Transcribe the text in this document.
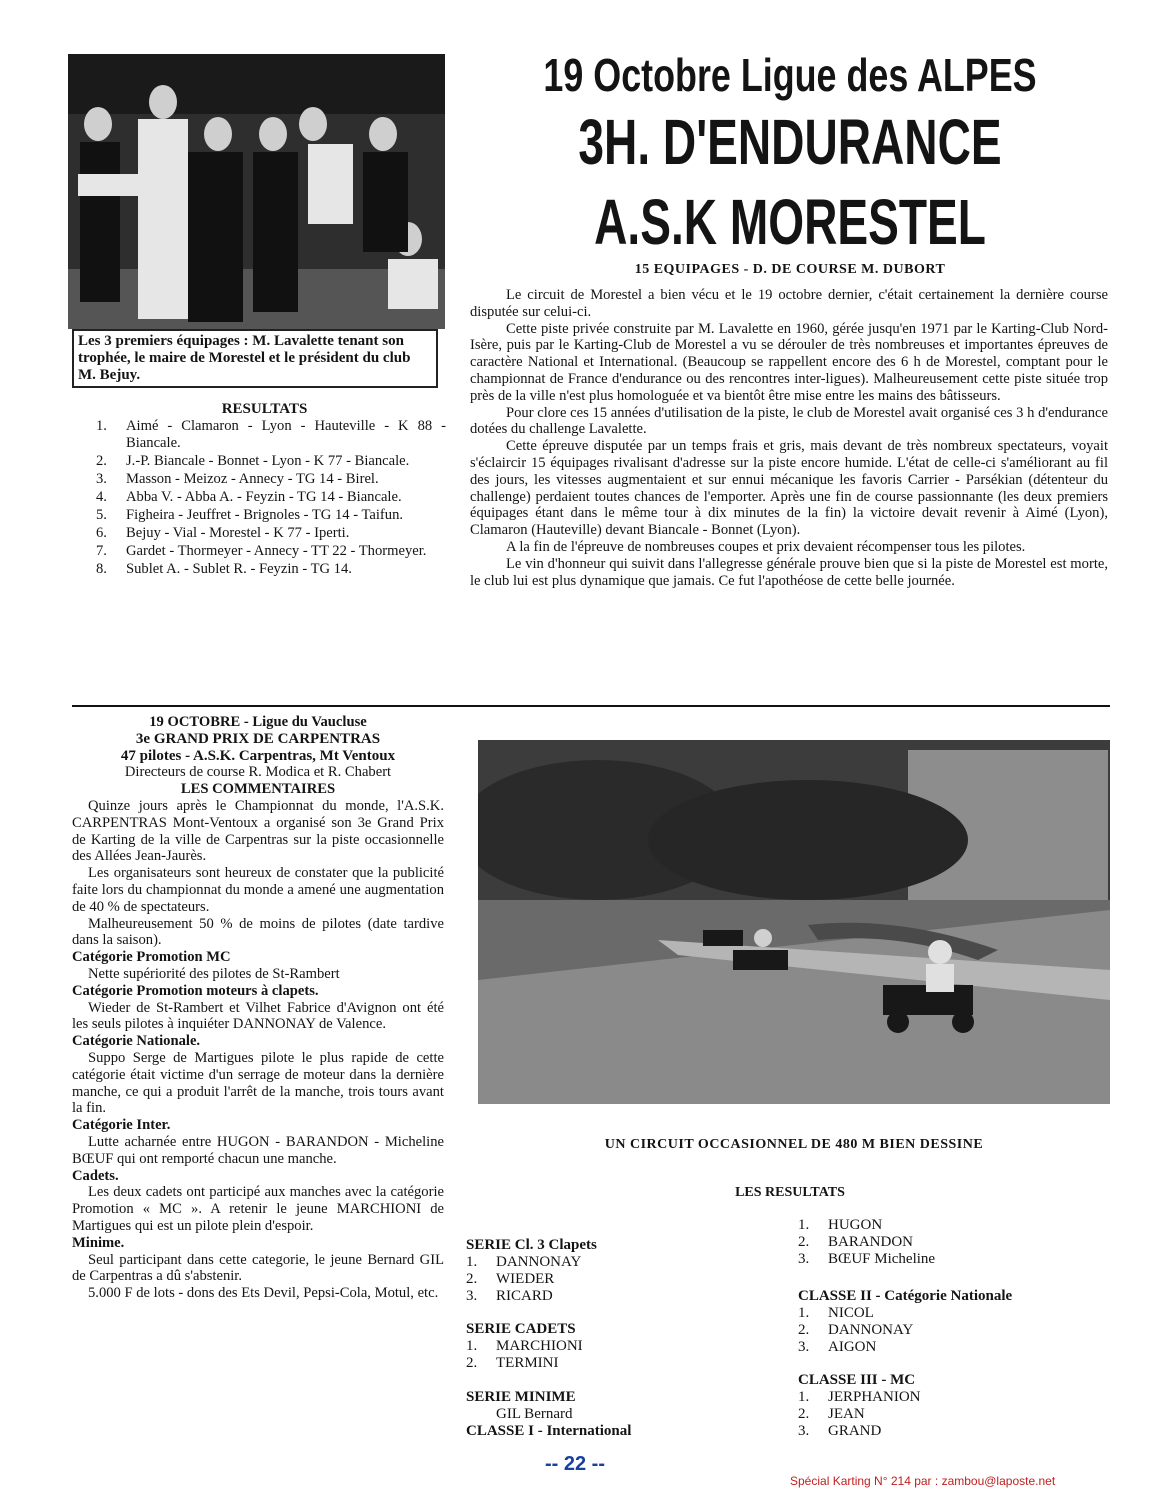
Les 3 premiers équipages : M. Lavalette tenant son trophée, le maire de Morestel et le président du club M. Bejuy.
19 Octobre Ligue des ALPES
3H. D'ENDURANCE
A.S.K MORESTEL
15 EQUIPAGES - D. DE COURSE M. DUBORT

Le circuit de Morestel a bien vécu et le 19 octobre dernier, c'était certainement la dernière course disputée sur celui-ci.

Cette piste privée construite par M. Lavalette en 1960, gérée jusqu'en 1971 par le Karting-Club Nord-Isère, puis par le Karting-Club de Morestel a vu se dérouler de très nombreuses et importantes épreuves de caractère National et International. (Beaucoup se rappellent encore des 6 h de Morestel, comptant pour le championnat de France d'endurance ou des rencontres inter-ligues). Malheureusement cette piste située trop près de la ville n'est plus homologuée et va bientôt être mise entre les mains des bâtisseurs.

Pour clore ces 15 années d'utilisation de la piste, le club de Morestel avait organisé ces 3 h d'endurance dotées du challenge Lavalette.

Cette épreuve disputée par un temps frais et gris, mais devant de très nombreux spectateurs, voyait s'éclaircir 15 équipages rivalisant d'adresse sur la piste encore humide. L'état de celle-ci s'améliorant au fil des jours, les vitesses augmentaient et sur ennui mécanique les favoris Carrier - Parsékian (détenteur du challenge) perdaient toutes chances de l'emporter. Après une fin de course passionnante (les deux premiers équipages étant dans le même tour à dix minutes de la fin) la victoire devait revenir à Aimé (Lyon), Clamaron (Hauteville) devant Biancale - Bonnet (Lyon).

A la fin de l'épreuve de nombreuses coupes et prix devaient récompenser tous les pilotes.

Le vin d'honneur qui suivit dans l'allegresse générale prouve bien que si la piste de Morestel est morte, le club lui est plus dynamique que jamais. Ce fut l'apothéose de cette belle journée.

RESULTATS
1.	Aimé - Clamaron - Lyon - Hauteville - K 88 - Biancale.
2.	J.-P. Biancale - Bonnet - Lyon - K 77 - Biancale.
3.	Masson - Meizoz - Annecy - TG 14 - Birel.
4.	Abba V. - Abba A. - Feyzin - TG 14 - Biancale.
5.	Figheira - Jeuffret - Brignoles - TG 14 - Taifun.
6.	Bejuy - Vial - Morestel - K 77 - Iperti.
7.	Gardet - Thormeyer - Annecy - TT 22 - Thormeyer.
8.	Sublet A. - Sublet R. - Feyzin - TG 14.
19 OCTOBRE - Ligue du Vaucluse
3e GRAND PRIX DE CARPENTRAS
47 pilotes - A.S.K. Carpentras, Mt Ventoux
Directeurs de course R. Modica et R. Chabert
LES COMMENTAIRES

Quinze jours après le Championnat du monde, l'A.S.K. CARPENTRAS Mont-Ventoux a organisé son 3e Grand Prix de Karting de la ville de Carpentras sur la piste occasionnelle des Allées Jean-Jaurès.

Les organisateurs sont heureux de constater que la publicité faite lors du championnat du monde a amené une augmentation de 40 % de spectateurs.

Malheureusement 50 % de moins de pilotes (date tardive dans la saison).

Catégorie Promotion MC

Nette supériorité des pilotes de St-Rambert

Catégorie Promotion moteurs à clapets.

Wieder de St-Rambert et Vilhet Fabrice d'Avignon ont été les seuls pilotes à inquiéter DANNONAY de Valence.

Catégorie Nationale.

Suppo Serge de Martigues pilote le plus rapide de cette catégorie était victime d'un serrage de moteur dans la dernière manche, ce qui a produit l'arrêt de la manche, trois tours avant la fin.

Catégorie Inter.

Lutte acharnée entre HUGON - BARANDON - Micheline BŒUF qui ont remporté chacun une manche.

Cadets.

Les deux cadets ont participé aux manches avec la catégorie Promotion « MC ». A retenir le jeune MARCHIONI de Martigues qui est un pilote plein d'espoir.

Minime.

Seul participant dans cette categorie, le jeune Bernard GIL de Carpentras a dû s'abstenir.

5.000 F de lots - dons des Ets Devil, Pepsi-Cola, Motul, etc.

UN CIRCUIT OCCASIONNEL DE 480 M BIEN DESSINE
LES RESULTATS
SERIE Cl. 3 Clapets
1.	DANNONAY
2.	WIEDER
3.	RICARD
SERIE CADETS
1.	MARCHIONI
2.	TERMINI
SERIE MINIME
GIL Bernard
CLASSE I - International
1.	HUGON
2.	BARANDON
3.	BŒUF Micheline
CLASSE II - Catégorie Nationale
1.	NICOL
2.	DANNONAY
3.	AIGON
CLASSE III - MC
1.	JERPHANION
2.	JEAN
3.	GRAND
-- 22 --
Spécial Karting N° 214 par : zambou@laposte.net
